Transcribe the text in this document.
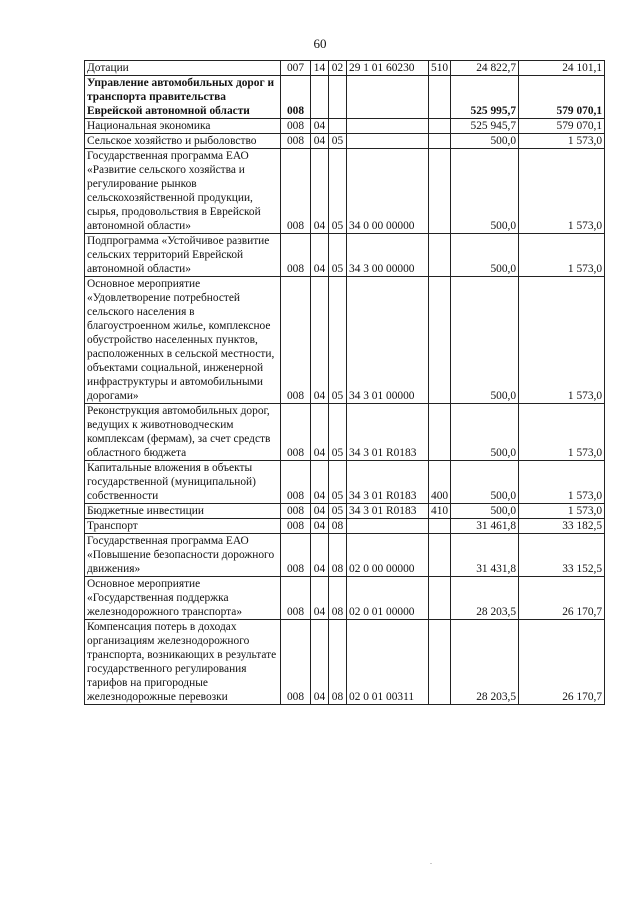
60
Дотации	007	14	02	29 1 01 60230	510	24 822,7	24 101,1
Управление автомобильных дорог и транспорта правительства Еврейской автономной области	008					525 995,7	579 070,1
Национальная экономика	008	04				525 945,7	579 070,1
Сельское хозяйство и рыболовство	008	04	05			500,0	1 573,0
Государственная программа ЕАО «Развитие сельского хозяйства и регулирование рынков сельскохозяйственной продукции, сырья, продовольствия в Еврейской автономной области»	008	04	05	34 0 00 00000		500,0	1 573,0
Подпрограмма «Устойчивое развитие сельских территорий Еврейской автономной области»	008	04	05	34 3 00 00000		500,0	1 573,0
Основное мероприятие «Удовлетворение потребностей сельского населения в благоустроенном жилье, комплексное обустройство населенных пунктов, расположенных в сельской местности, объектами социальной, инженерной инфраструктуры и автомобильными дорогами»	008	04	05	34 3 01 00000		500,0	1 573,0
Реконструкция автомобильных дорог, ведущих к животноводческим комплексам (фермам), за счет средств областного бюджета	008	04	05	34 3 01 R0183		500,0	1 573,0
Капитальные вложения в объекты государственной (муниципальной) собственности	008	04	05	34 3 01 R0183	400	500,0	1 573,0
Бюджетные инвестиции	008	04	05	34 3 01 R0183	410	500,0	1 573,0
Транспорт	008	04	08			31 461,8	33 182,5
Государственная программа ЕАО «Повышение безопасности дорожного движения»	008	04	08	02 0 00 00000		31 431,8	33 152,5
Основное мероприятие «Государственная поддержка железнодорожного транспорта»	008	04	08	02 0 01 00000		28 203,5	26 170,7
Компенсация потерь в доходах организациям железнодорожного транспорта, возникающих в результате государственного регулирования тарифов на пригородные железнодорожные перевозки	008	04	08	02 0 01 00311		28 203,5	26 170,7
.
